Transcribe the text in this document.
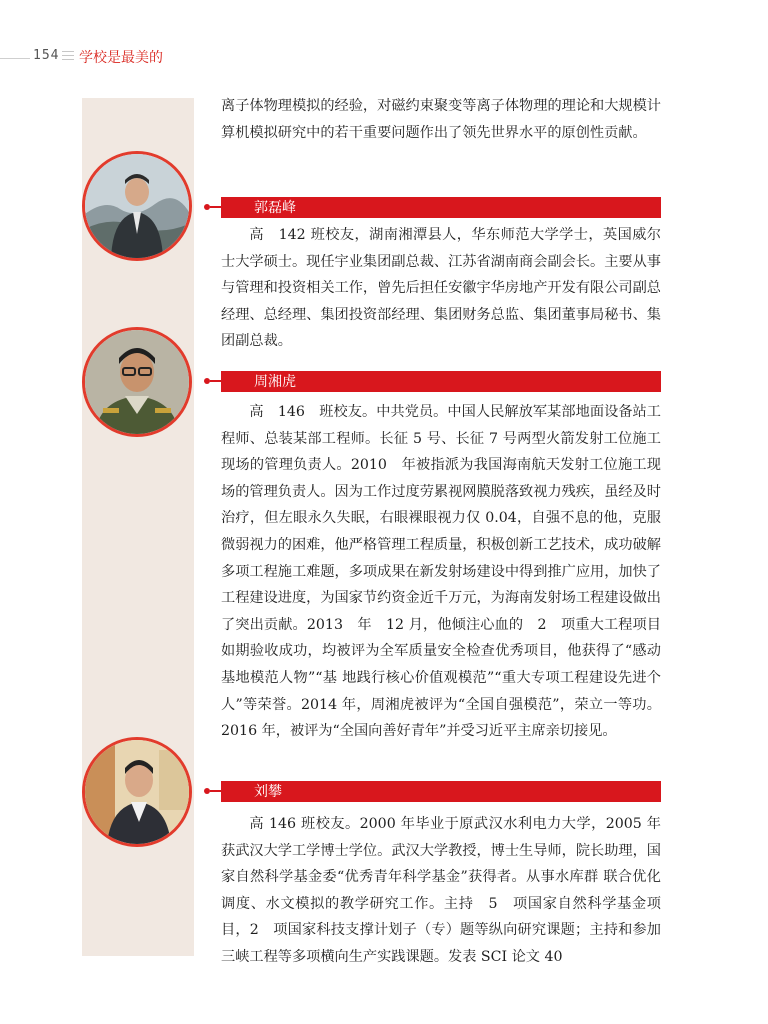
154 学校是最美的

离子体物理模拟的经验，对磁约束聚变等离子体物理的理论和大规模计算机模拟研究中的若干重要问题作出了领先世界水平的原创性贡献。

郭磊峰

高　142 班校友，湖南湘潭县人，华东师范大学学士，英国威尔士大学硕士。现任宇业集团副总裁、江苏省湖南商会副会长。主要从事与管理和投资相关工作，曾先后担任安徽宇华房地产开发有限公司副总经理、总经理、集团投资部经理、集团财务总监、集团董事局秘书、集团副总裁。

周湘虎

高　146　班校友。中共党员。中国人民解放军某部地面设备站工程师、总装某部工程师。长征 5 号、长征 7 号两型火箭发射工位施工现场的管理负责人。2010　年被指派为我国海南航天发射工位施工现场的管理负责人。因为工作过度劳累视网膜脱落致视力残疾，虽经及时治疗，但左眼永久失眠，右眼裸眼视力仅 0.04，自强不息的他，克服微弱视力的困难，他严格管理工程质量，积极创新工艺技术，成功破解多项工程施工难题，多项成果在新发射场建设中得到推广应用，加快了工程建设进度，为国家节约资金近千万元，为海南发射场工程建设做出了突出贡献。2013　年　12 月，他倾注心血的　2　项重大工程项目如期验收成功，均被评为全军质量安全检查优秀项目，他获得了“感动基地模范人物”“基 地践行核心价值观模范”“重大专项工程建设先进个人”等荣誉。2014 年，周湘虎被评为“全国自强模范”，荣立一等功。2016 年，被评为“全国向善好青年”并受习近平主席亲切接见。

刘攀

高 146 班校友。2000 年毕业于原武汉水利电力大学，2005 年获武汉大学工学博士学位。武汉大学教授，博士生导师，院长助理，国家自然科学基金委“优秀青年科学基金”获得者。从事水库群 联合优化调度、水文模拟的教学研究工作。主持　5　项国家自然科学基金项目，2　项国家科技支撑计划子（专）题等纵向研究课题；主持和参加三峡工程等多项横向生产实践课题。发表 SCI 论文 40
